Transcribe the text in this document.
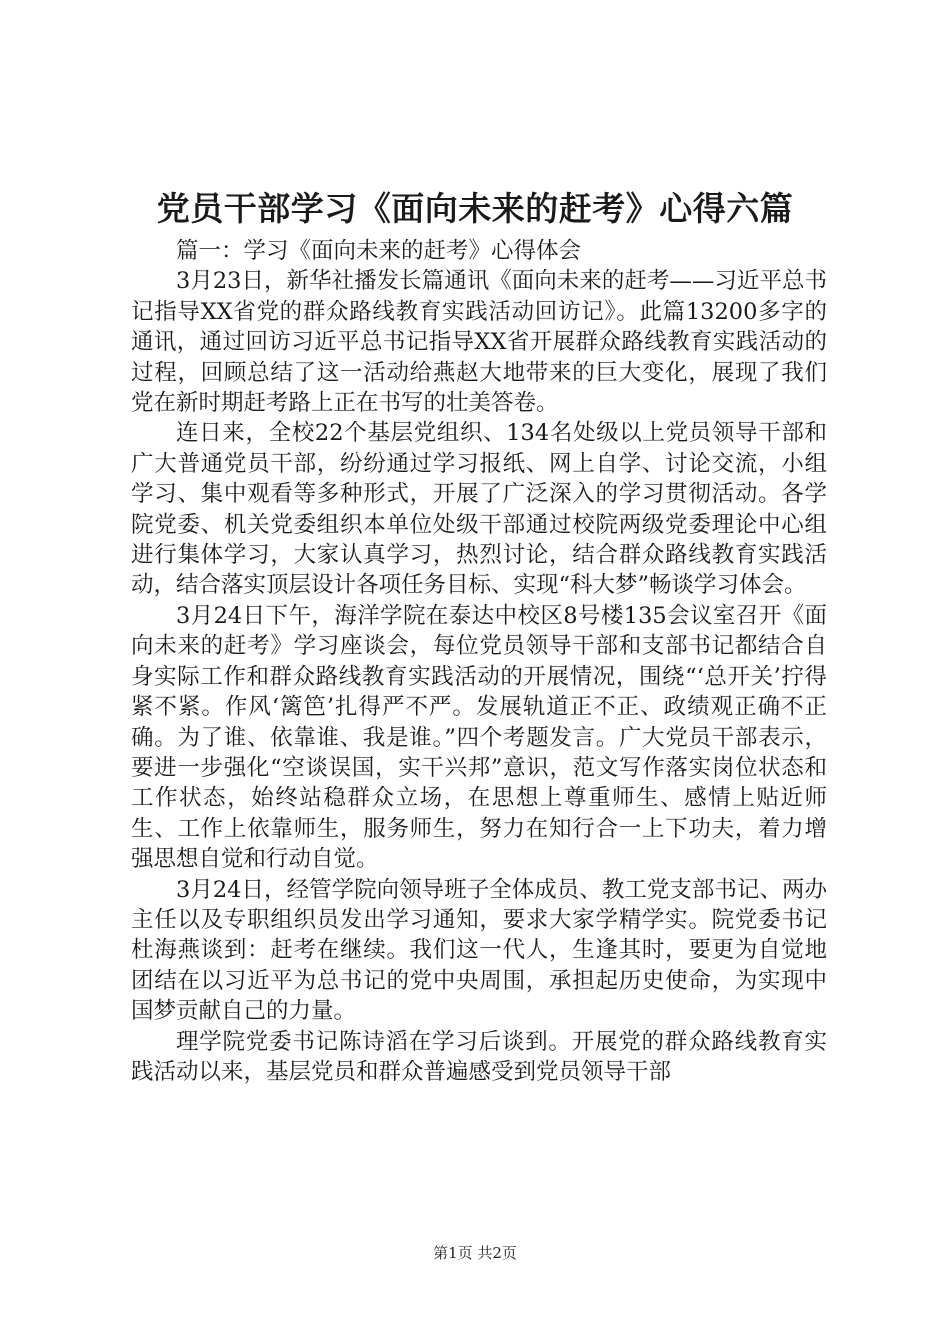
党员干部学习《面向未来的赶考》心得六篇

篇一：学习《面向未来的赶考》心得体会

3月23日，新华社播发长篇通讯《面向未来的赶考——习近平总书记指导XX省党的群众路线教育实践活动回访记》。此篇13200多字的通讯，通过回访习近平总书记指导XX省开展群众路线教育实践活动的过程，回顾总结了这一活动给燕赵大地带来的巨大变化，展现了我们党在新时期赶考路上正在书写的壮美答卷。

连日来，全校22个基层党组织、134名处级以上党员领导干部和广大普通党员干部，纷纷通过学习报纸、网上自学、讨论交流，小组学习、集中观看等多种形式，开展了广泛深入的学习贯彻活动。各学院党委、机关党委组织本单位处级干部通过校院两级党委理论中心组进行集体学习，大家认真学习，热烈讨论，结合群众路线教育实践活动，结合落实顶层设计各项任务目标、实现“科大梦”畅谈学习体会。

3月24日下午，海洋学院在泰达中校区8号楼135会议室召开《面向未来的赶考》学习座谈会，每位党员领导干部和支部书记都结合自身实际工作和群众路线教育实践活动的开展情况，围绕“‘总开关’拧得紧不紧。作风‘篱笆’扎得严不严。发展轨道正不正、政绩观正确不正确。为了谁、依靠谁、我是谁。”四个考题发言。广大党员干部表示，要进一步强化“空谈误国，实干兴邦”意识，范文写作落实岗位状态和工作状态，始终站稳群众立场，在思想上尊重师生、感情上贴近师生、工作上依靠师生，服务师生，努力在知行合一上下功夫，着力增强思想自觉和行动自觉。

3月24日，经管学院向领导班子全体成员、教工党支部书记、两办主任以及专职组织员发出学习通知，要求大家学精学实。院党委书记杜海燕谈到：赶考在继续。我们这一代人，生逢其时，要更为自觉地团结在以习近平为总书记的党中央周围，承担起历史使命，为实现中国梦贡献自己的力量。

理学院党委书记陈诗滔在学习后谈到。开展党的群众路线教育实践活动以来，基层党员和群众普遍感受到党员领导干部

第1页 共2页
